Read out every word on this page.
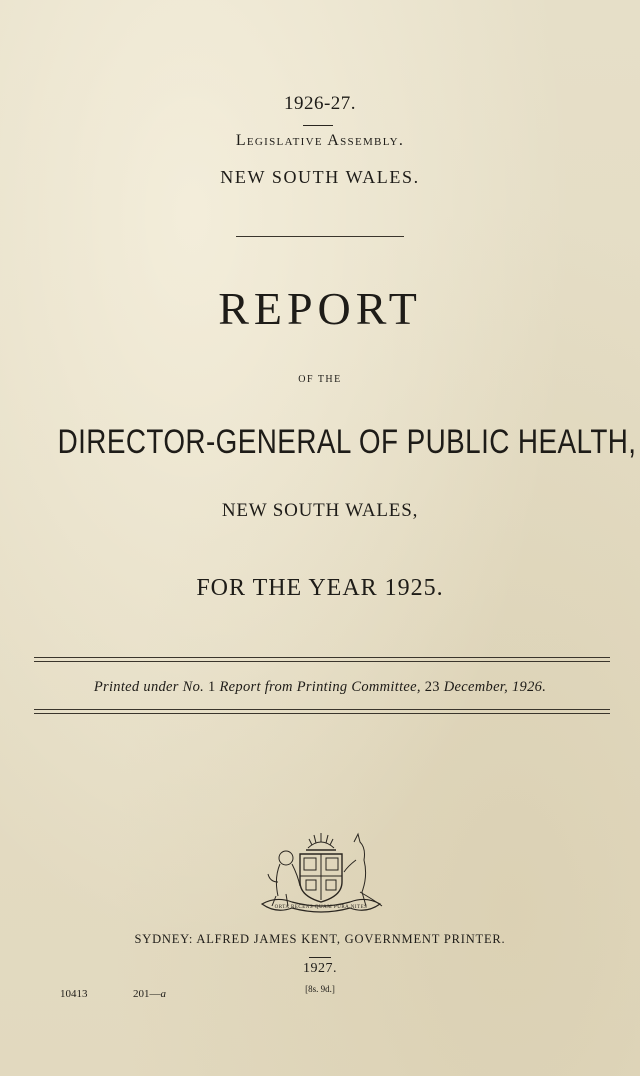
1926-27.
Legislative Assembly.
NEW SOUTH WALES.
REPORT
OF THE
DIRECTOR-GENERAL OF PUBLIC HEALTH,
NEW SOUTH WALES,
FOR THE YEAR 1925.
Printed under No. 1 Report from Printing Committee, 23 December, 1926.
ORTA RECENS QUAM PURA NITES
SYDNEY: ALFRED JAMES KENT, GOVERNMENT PRINTER.
1927.
[8s. 9d.]
10413	201—a
